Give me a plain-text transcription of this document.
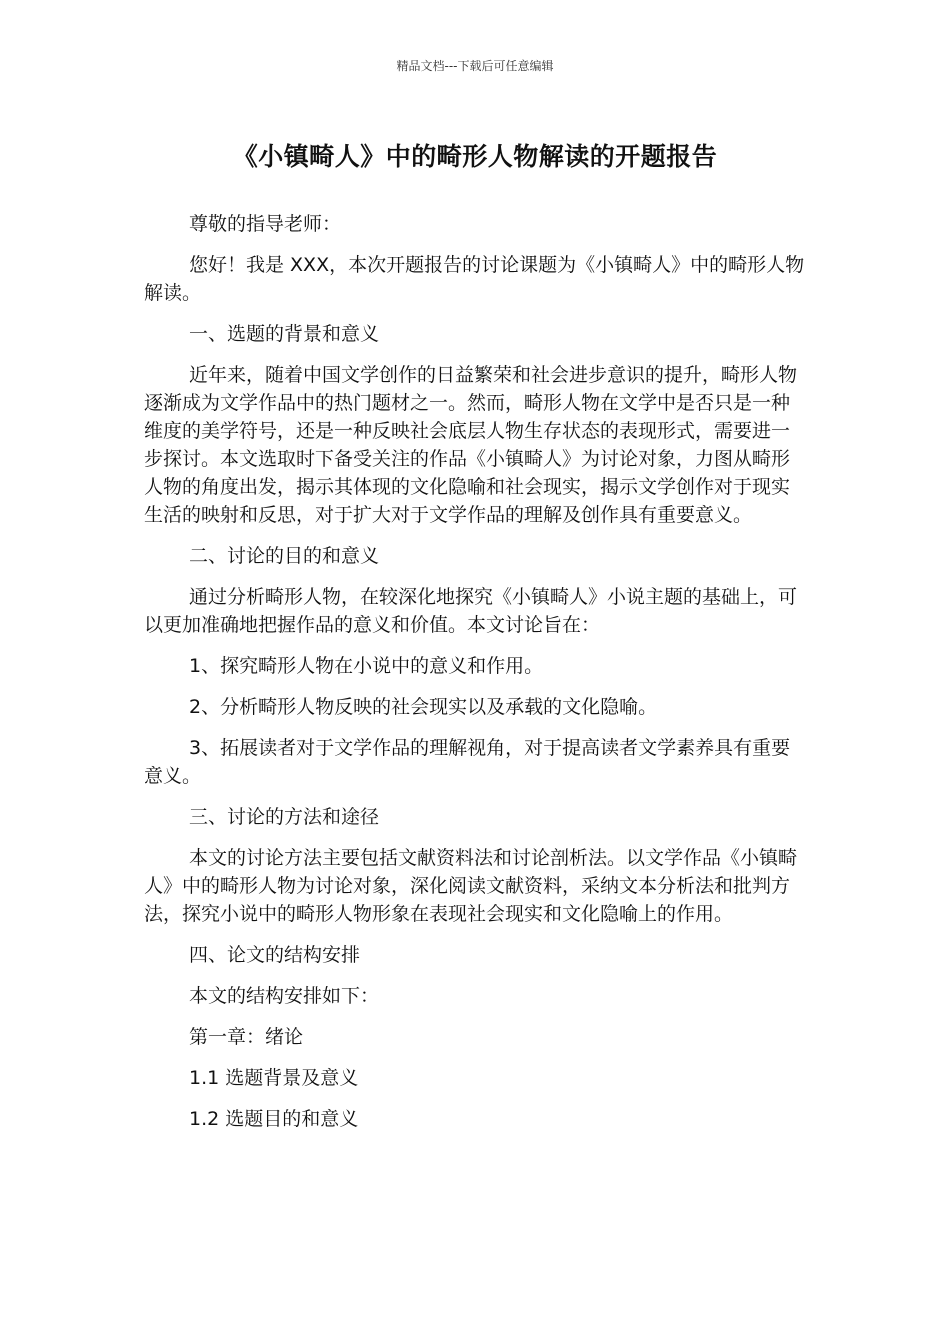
精品文档---下载后可任意编辑
《小镇畸人》中的畸形人物解读的开题报告

尊敬的指导老师：

您好！我是 XXX，本次开题报告的讨论课题为《小镇畸人》中的畸形人物解读。

一、选题的背景和意义

近年来，随着中国文学创作的日益繁荣和社会进步意识的提升，畸形人物逐渐成为文学作品中的热门题材之一。然而，畸形人物在文学中是否只是一种维度的美学符号，还是一种反映社会底层人物生存状态的表现形式，需要进一步探讨。本文选取时下备受关注的作品《小镇畸人》为讨论对象，力图从畸形人物的角度出发，揭示其体现的文化隐喻和社会现实，揭示文学创作对于现实生活的映射和反思，对于扩大对于文学作品的理解及创作具有重要意义。

二、讨论的目的和意义

通过分析畸形人物，在较深化地探究《小镇畸人》小说主题的基础上，可以更加准确地把握作品的意义和价值。本文讨论旨在：

1、探究畸形人物在小说中的意义和作用。

2、分析畸形人物反映的社会现实以及承载的文化隐喻。

3、拓展读者对于文学作品的理解视角，对于提高读者文学素养具有重要意义。

三、讨论的方法和途径

本文的讨论方法主要包括文献资料法和讨论剖析法。以文学作品《小镇畸人》中的畸形人物为讨论对象，深化阅读文献资料，采纳文本分析法和批判方法，探究小说中的畸形人物形象在表现社会现实和文化隐喻上的作用。

四、论文的结构安排

本文的结构安排如下：

第一章：绪论

1.1 选题背景及意义

1.2 选题目的和意义
